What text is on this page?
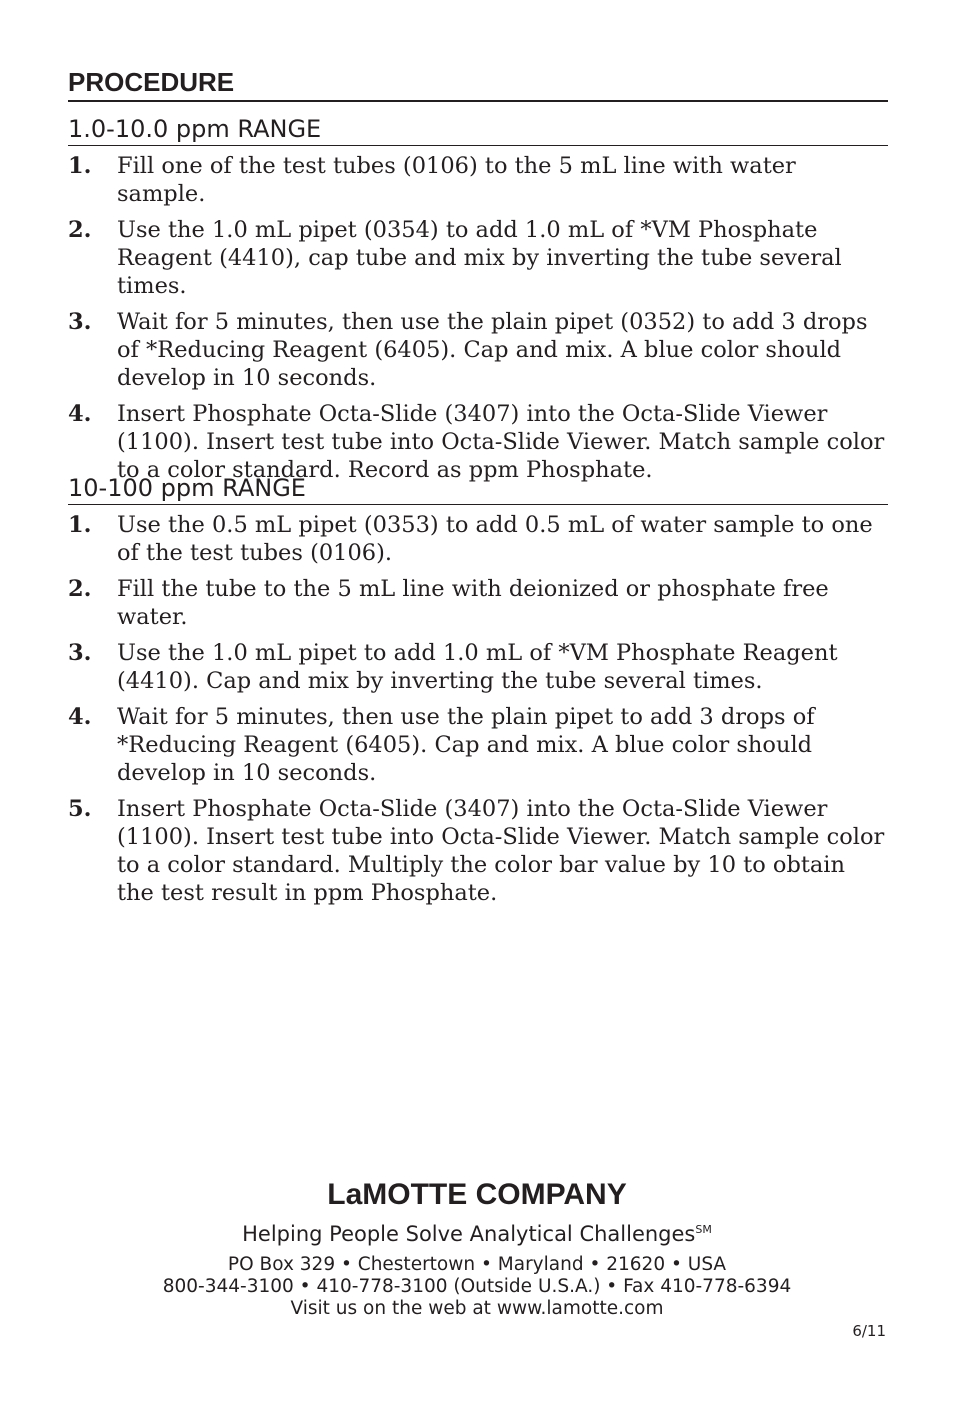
PROCEDURE
1.0-10.0 ppm RANGE
1.	Fill one of the test tubes (0106) to the 5 mL line with water sample.
2.	Use the 1.0 mL pipet (0354) to add 1.0 mL of *VM Phosphate Reagent (4410), cap tube and mix by inverting the tube several times.
3.	Wait for 5 minutes, then use the plain pipet (0352) to add 3 drops of *Reducing Reagent (6405). Cap and mix. A blue color should develop in 10 seconds.
4.	Insert Phosphate Octa-Slide (3407) into the Octa-Slide Viewer (1100). Insert test tube into Octa-Slide Viewer. Match sample color to a color standard. Record as ppm Phosphate.
10-100 ppm RANGE
1.	Use the 0.5 mL pipet (0353) to add 0.5 mL of water sample to one of the test tubes (0106).
2.	Fill the tube to the 5 mL line with deionized or phosphate free water.
3.	Use the 1.0 mL pipet to add 1.0 mL of *VM Phosphate Reagent (4410). Cap and mix by inverting the tube several times.
4.	Wait for 5 minutes, then use the plain pipet to add 3 drops of *Reducing Reagent (6405). Cap and mix. A blue color should develop in 10 seconds.
5.	Insert Phosphate Octa-Slide (3407) into the Octa-Slide Viewer (1100). Insert test tube into Octa-Slide Viewer. Match sample color to a color standard. Multiply the color bar value by 10 to obtain the test result in ppm Phosphate.
LaMOTTE COMPANY
Helping People Solve Analytical Challenges℠
PO Box 329 • Chestertown • Maryland • 21620 • USA
800-344-3100 • 410-778-3100 (Outside U.S.A.) • Fax 410-778-6394
Visit us on the web at www.lamotte.com
6/11
